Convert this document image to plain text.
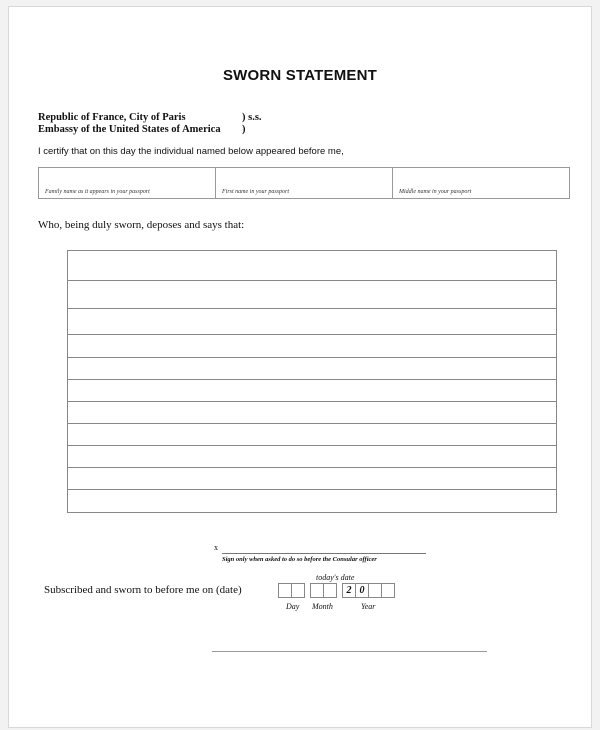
SWORN STATEMENT
Republic of France, City of Paris	) s.s.
Embassy of the United States of America )
I certify that on this day the individual named below appeared before me,
Family name as it appears in your passport	First name in your passport	Middle name in your passport
Who, being duly sworn, deposes and says that:
x
Sign only when asked to do so before the Consular officer
today's date
Subscribed and sworn to before me on (date)	2 0
Day Month	Year
